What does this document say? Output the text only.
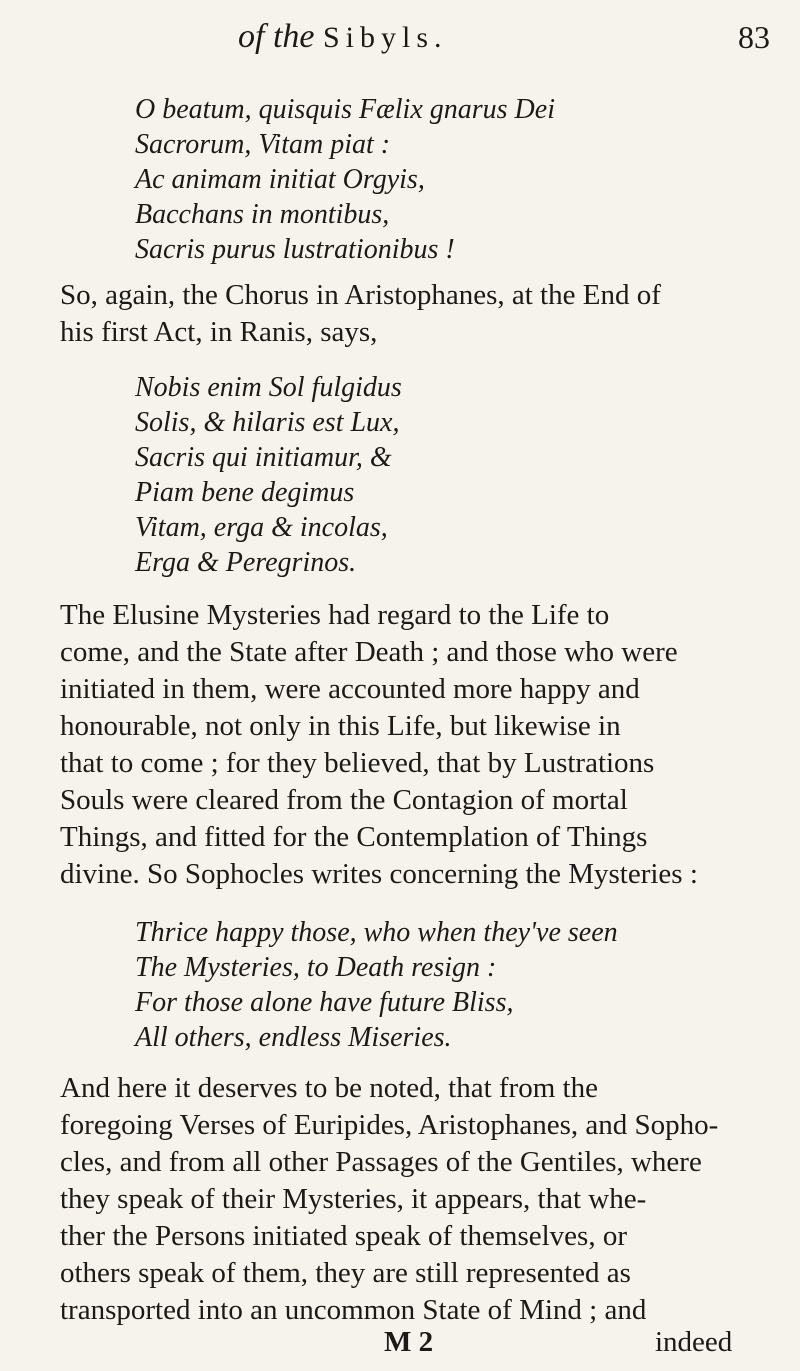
of the Sibyls.	83
O beatum, quisquis Fælix gnarus Dei
Sacrorum, Vitam piat :
Ac animam initiat Orgyis,
Bacchans in montibus,
Sacris purus lustrationibus !

So, again, the Chorus in Aristophanes, at the End of
his first Act, in Ranis, says,

Nobis enim Sol fulgidus
Solis, & hilaris est Lux,
Sacris qui initiamur, &
Piam bene degimus
Vitam, erga & incolas,
Erga & Peregrinos.

The Elusine Mysteries had regard to the Life to
come, and the State after Death ; and those who were
initiated in them, were accounted more happy and
honourable, not only in this Life, but likewise in
that to come ; for they believed, that by Lustrations
Souls were cleared from the Contagion of mortal
Things, and fitted for the Contemplation of Things
divine. So Sophocles writes concerning the Mysteries :

Thrice happy those, who when they've seen
The Mysteries, to Death resign :
For those alone have future Bliss,
All others, endless Miseries.

And here it deserves to be noted, that from the
foregoing Verses of Euripides, Aristophanes, and Sopho-
cles, and from all other Passages of the Gentiles, where
they speak of their Mysteries, it appears, that whe-
ther the Persons initiated speak of themselves, or
others speak of them, they are still represented as
transported into an uncommon State of Mind ; and

M 2	indeed
